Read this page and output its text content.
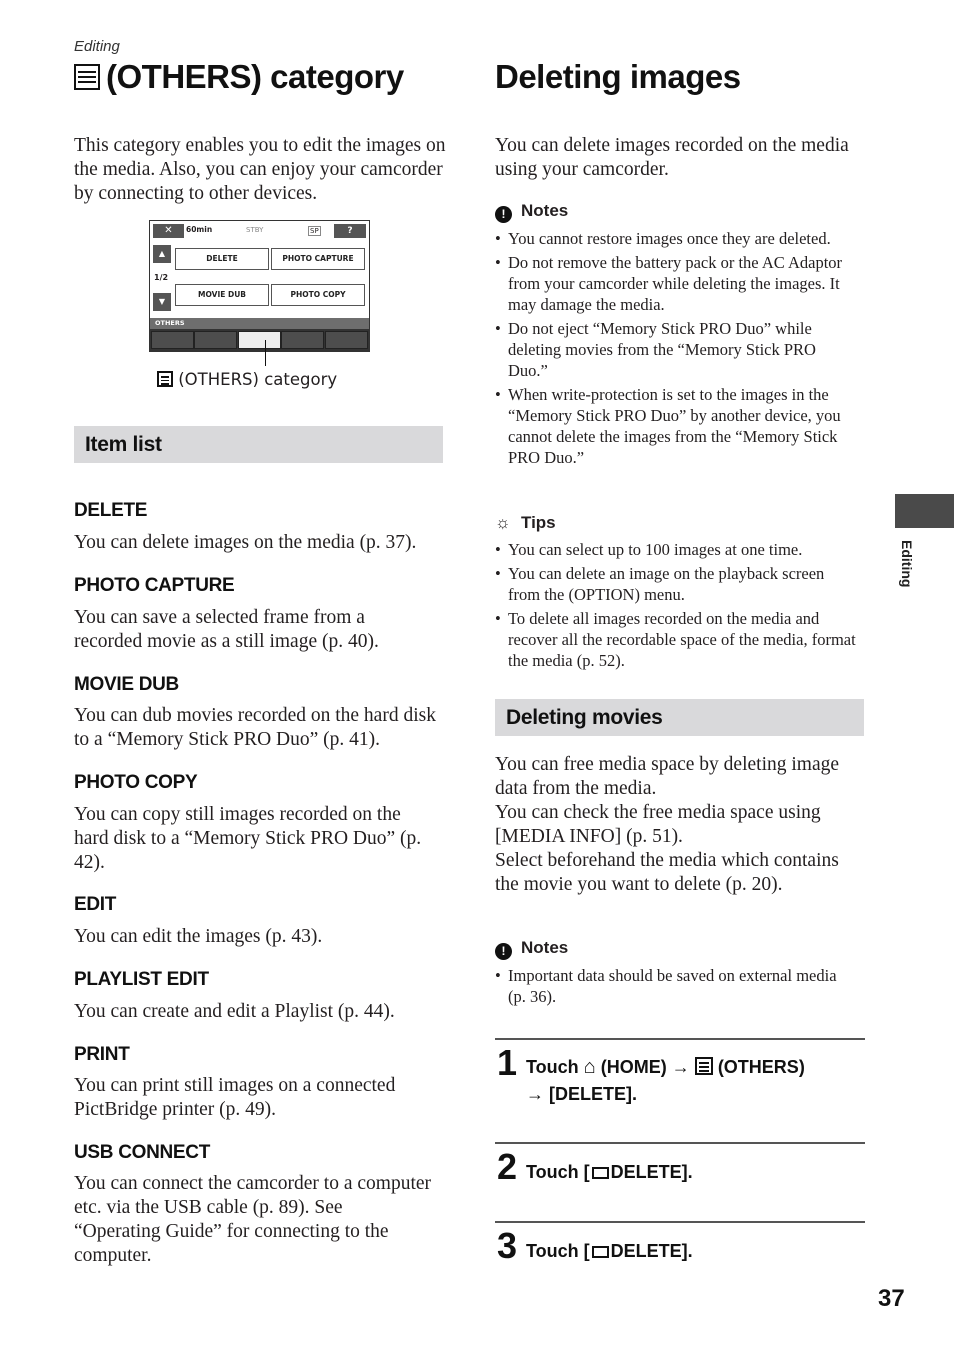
Editing
(OTHERS) category
This category enables you to edit the images on the media. Also, you can enjoy your camcorder by connecting to other devices.
✕	60min	STBY	SP	?
▲
1/2
▼
DELETE	PHOTO CAPTURE
MOVIE DUB	PHOTO COPY
OTHERS
(OTHERS) category
Item list
DELETE
You can delete images on the media (p. 37).
PHOTO CAPTURE
You can save a selected frame from a recorded movie as a still image (p. 40).
MOVIE DUB
You can dub movies recorded on the hard disk to a “Memory Stick PRO Duo” (p. 41).
PHOTO COPY
You can copy still images recorded on the hard disk to a “Memory Stick PRO Duo” (p. 42).
EDIT
You can edit the images (p. 43).
PLAYLIST EDIT
You can create and edit a Playlist (p. 44).
PRINT
You can print still images on a connected PictBridge printer (p. 49).
USB CONNECT
You can connect the camcorder to a computer etc. via the USB cable (p. 89). See “Operating Guide” for connecting to the computer.
Deleting images
You can delete images recorded on the media using your camcorder.
! Notes
• You cannot restore images once they are deleted.
• Do not remove the battery pack or the AC Adaptor from your camcorder while deleting the images. It may damage the media.
• Do not eject “Memory Stick PRO Duo” while deleting movies from the “Memory Stick PRO Duo.”
• When write-protection is set to the images in the “Memory Stick PRO Duo” by another device, you cannot delete the images from the “Memory Stick PRO Duo.”
☼ Tips
• You can select up to 100 images at one time.
• You can delete an image on the playback screen from the (OPTION) menu.
• To delete all images recorded on the media and recover all the recordable space of the media, format the media (p. 52).
Deleting movies
You can free media space by deleting image data from the media.
You can check the free media space using [MEDIA INFO] (p. 51).
Select beforehand the media which contains the movie you want to delete (p. 20).
! Notes
• Important data should be saved on external media (p. 36).
1 Touch ⌂ (HOME) → (OTHERS)
→ [DELETE].
2 Touch [ DELETE].
3 Touch [ DELETE].
Editing
37
